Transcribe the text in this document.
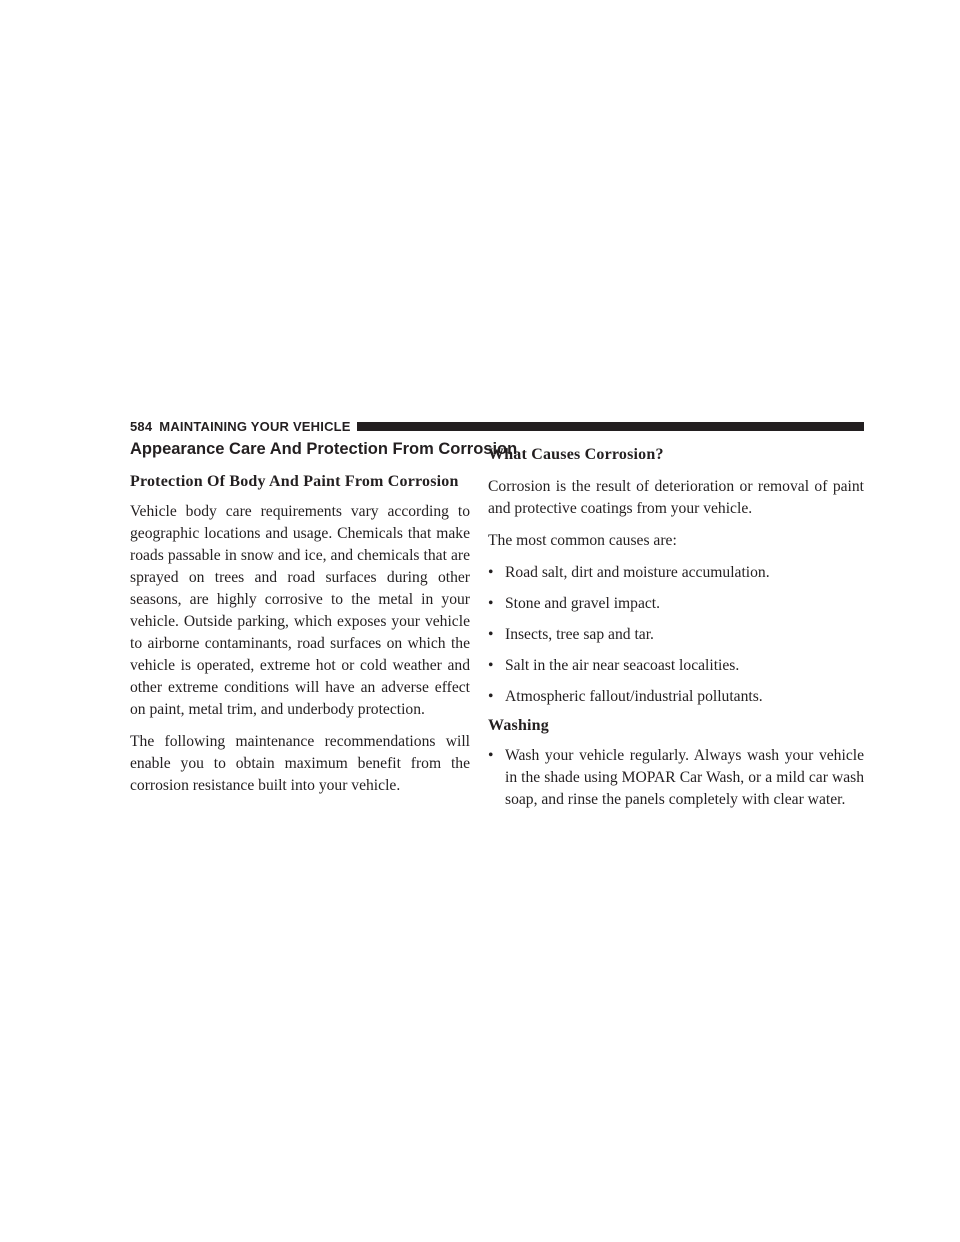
584 MAINTAINING YOUR VEHICLE
Appearance Care And Protection From Corrosion
Protection Of Body And Paint From Corrosion

Vehicle body care requirements vary according to geographic locations and usage. Chemicals that make roads passable in snow and ice, and chemicals that are sprayed on trees and road surfaces during other seasons, are highly corrosive to the metal in your vehicle. Outside parking, which exposes your vehicle to airborne contaminants, road surfaces on which the vehicle is operated, extreme hot or cold weather and other extreme conditions will have an adverse effect on paint, metal trim, and underbody protection.

The following maintenance recommendations will enable you to obtain maximum benefit from the corrosion resistance built into your vehicle.

What Causes Corrosion?

Corrosion is the result of deterioration or removal of paint and protective coatings from your vehicle.

The most common causes are:

• Road salt, dirt and moisture accumulation.
• Stone and gravel impact.
• Insects, tree sap and tar.
• Salt in the air near seacoast localities.
• Atmospheric fallout/industrial pollutants.
Washing
• Wash your vehicle regularly. Always wash your vehicle in the shade using MOPAR Car Wash, or a mild car wash soap, and rinse the panels completely with clear water.
